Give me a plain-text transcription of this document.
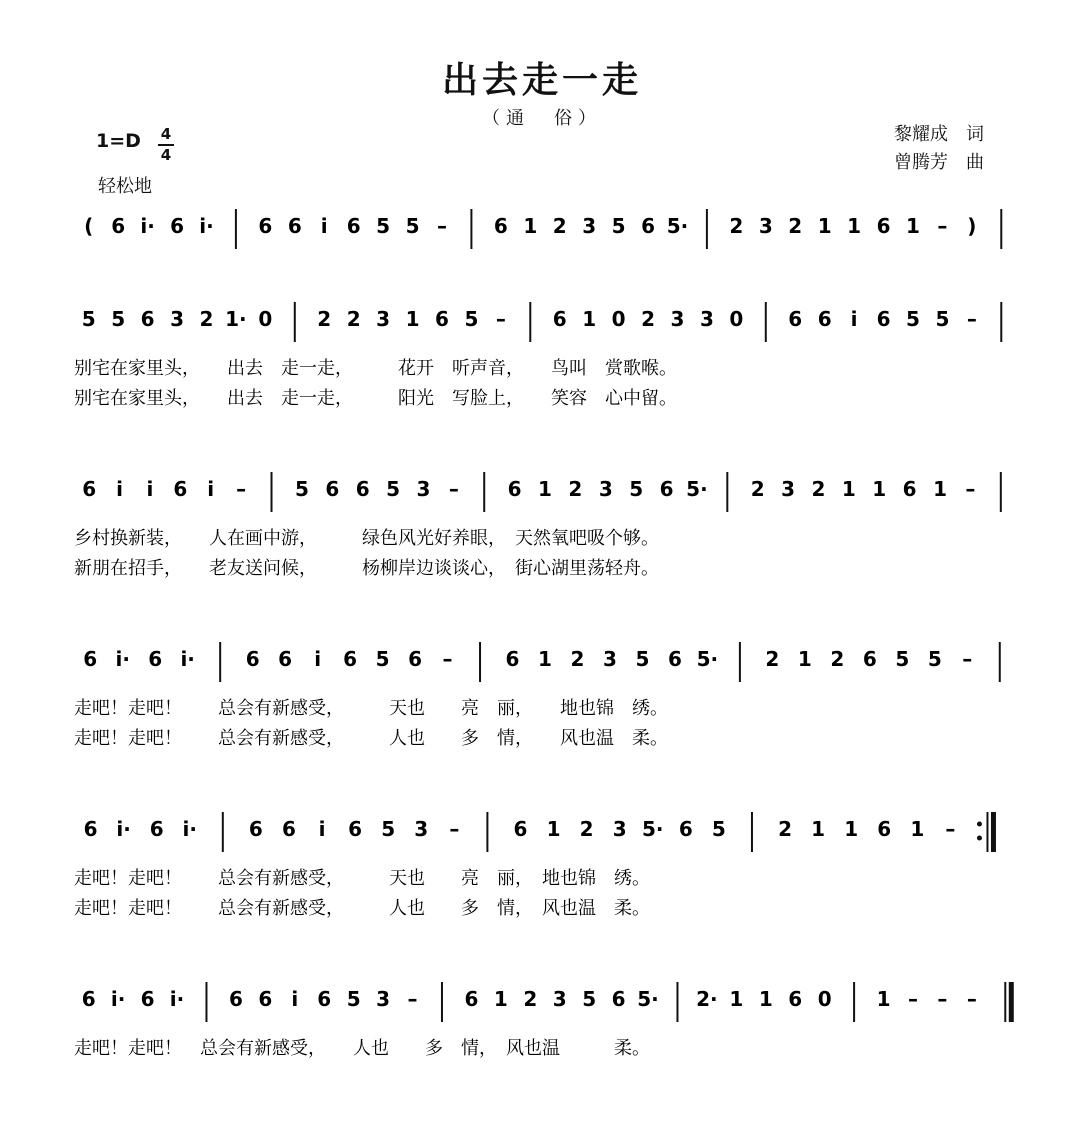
出去走一走
（通　俗）
1=D 4
4
轻松地
黎耀成　词
曾腾芳　曲
( 6 i· 6 i· 6 6 i 6 5 5 – 6 1 2 3 5 6 5· 2 3 2 1 1 6 1 – )
5 5 6 3 2 1· 0 2 2 3 1 6 5 – 6 1 0 2 3 3 0 6 6 i 6 5 5 –
别宅在家里头，　　出去　走一走，　　　花开　听声音，　　鸟叫　赏歌喉。
别宅在家里头，　　出去　走一走，　　　阳光　写脸上，　　笑容　心中留。
6 i i 6 i – 5 6 6 5 3 – 6 1 2 3 5 6 5· 2 3 2 1 1 6 1 –
乡村换新装，　　人在画中游，　　　绿色风光好养眼，　天然氧吧吸个够。
新朋在招手，　　老友送问候，　　　杨柳岸边谈谈心，　街心湖里荡轻舟。
6 i· 6 i·	6 6 i 6 5 6 –	6 1 2 3 5 6 5· 2 1 2 6 5 5 –
走吧！走吧！　　总会有新感受，　　　天也　　亮　丽，　　地也锦　绣。
走吧！走吧！　　总会有新感受，　　　人也　　多　情，　　风也温　柔。
6 i· 6 i·	6 6 i 6 5 3 –	6 1 2 3 5· 6 5	2 1 1 6 1 –
走吧！走吧！　　总会有新感受，　　　天也　　亮　丽，　地也锦　绣。
走吧！走吧！　　总会有新感受，　　　人也　　多　情，　风也温　柔。
6 i· 6 i· 6 6 i 6 5 3 – 6 1 2 3 5 6 5· 2· 1 1 6 0 1 – – –
走吧！走吧！　总会有新感受，　　人也　　多　情，　风也温　　　柔。
